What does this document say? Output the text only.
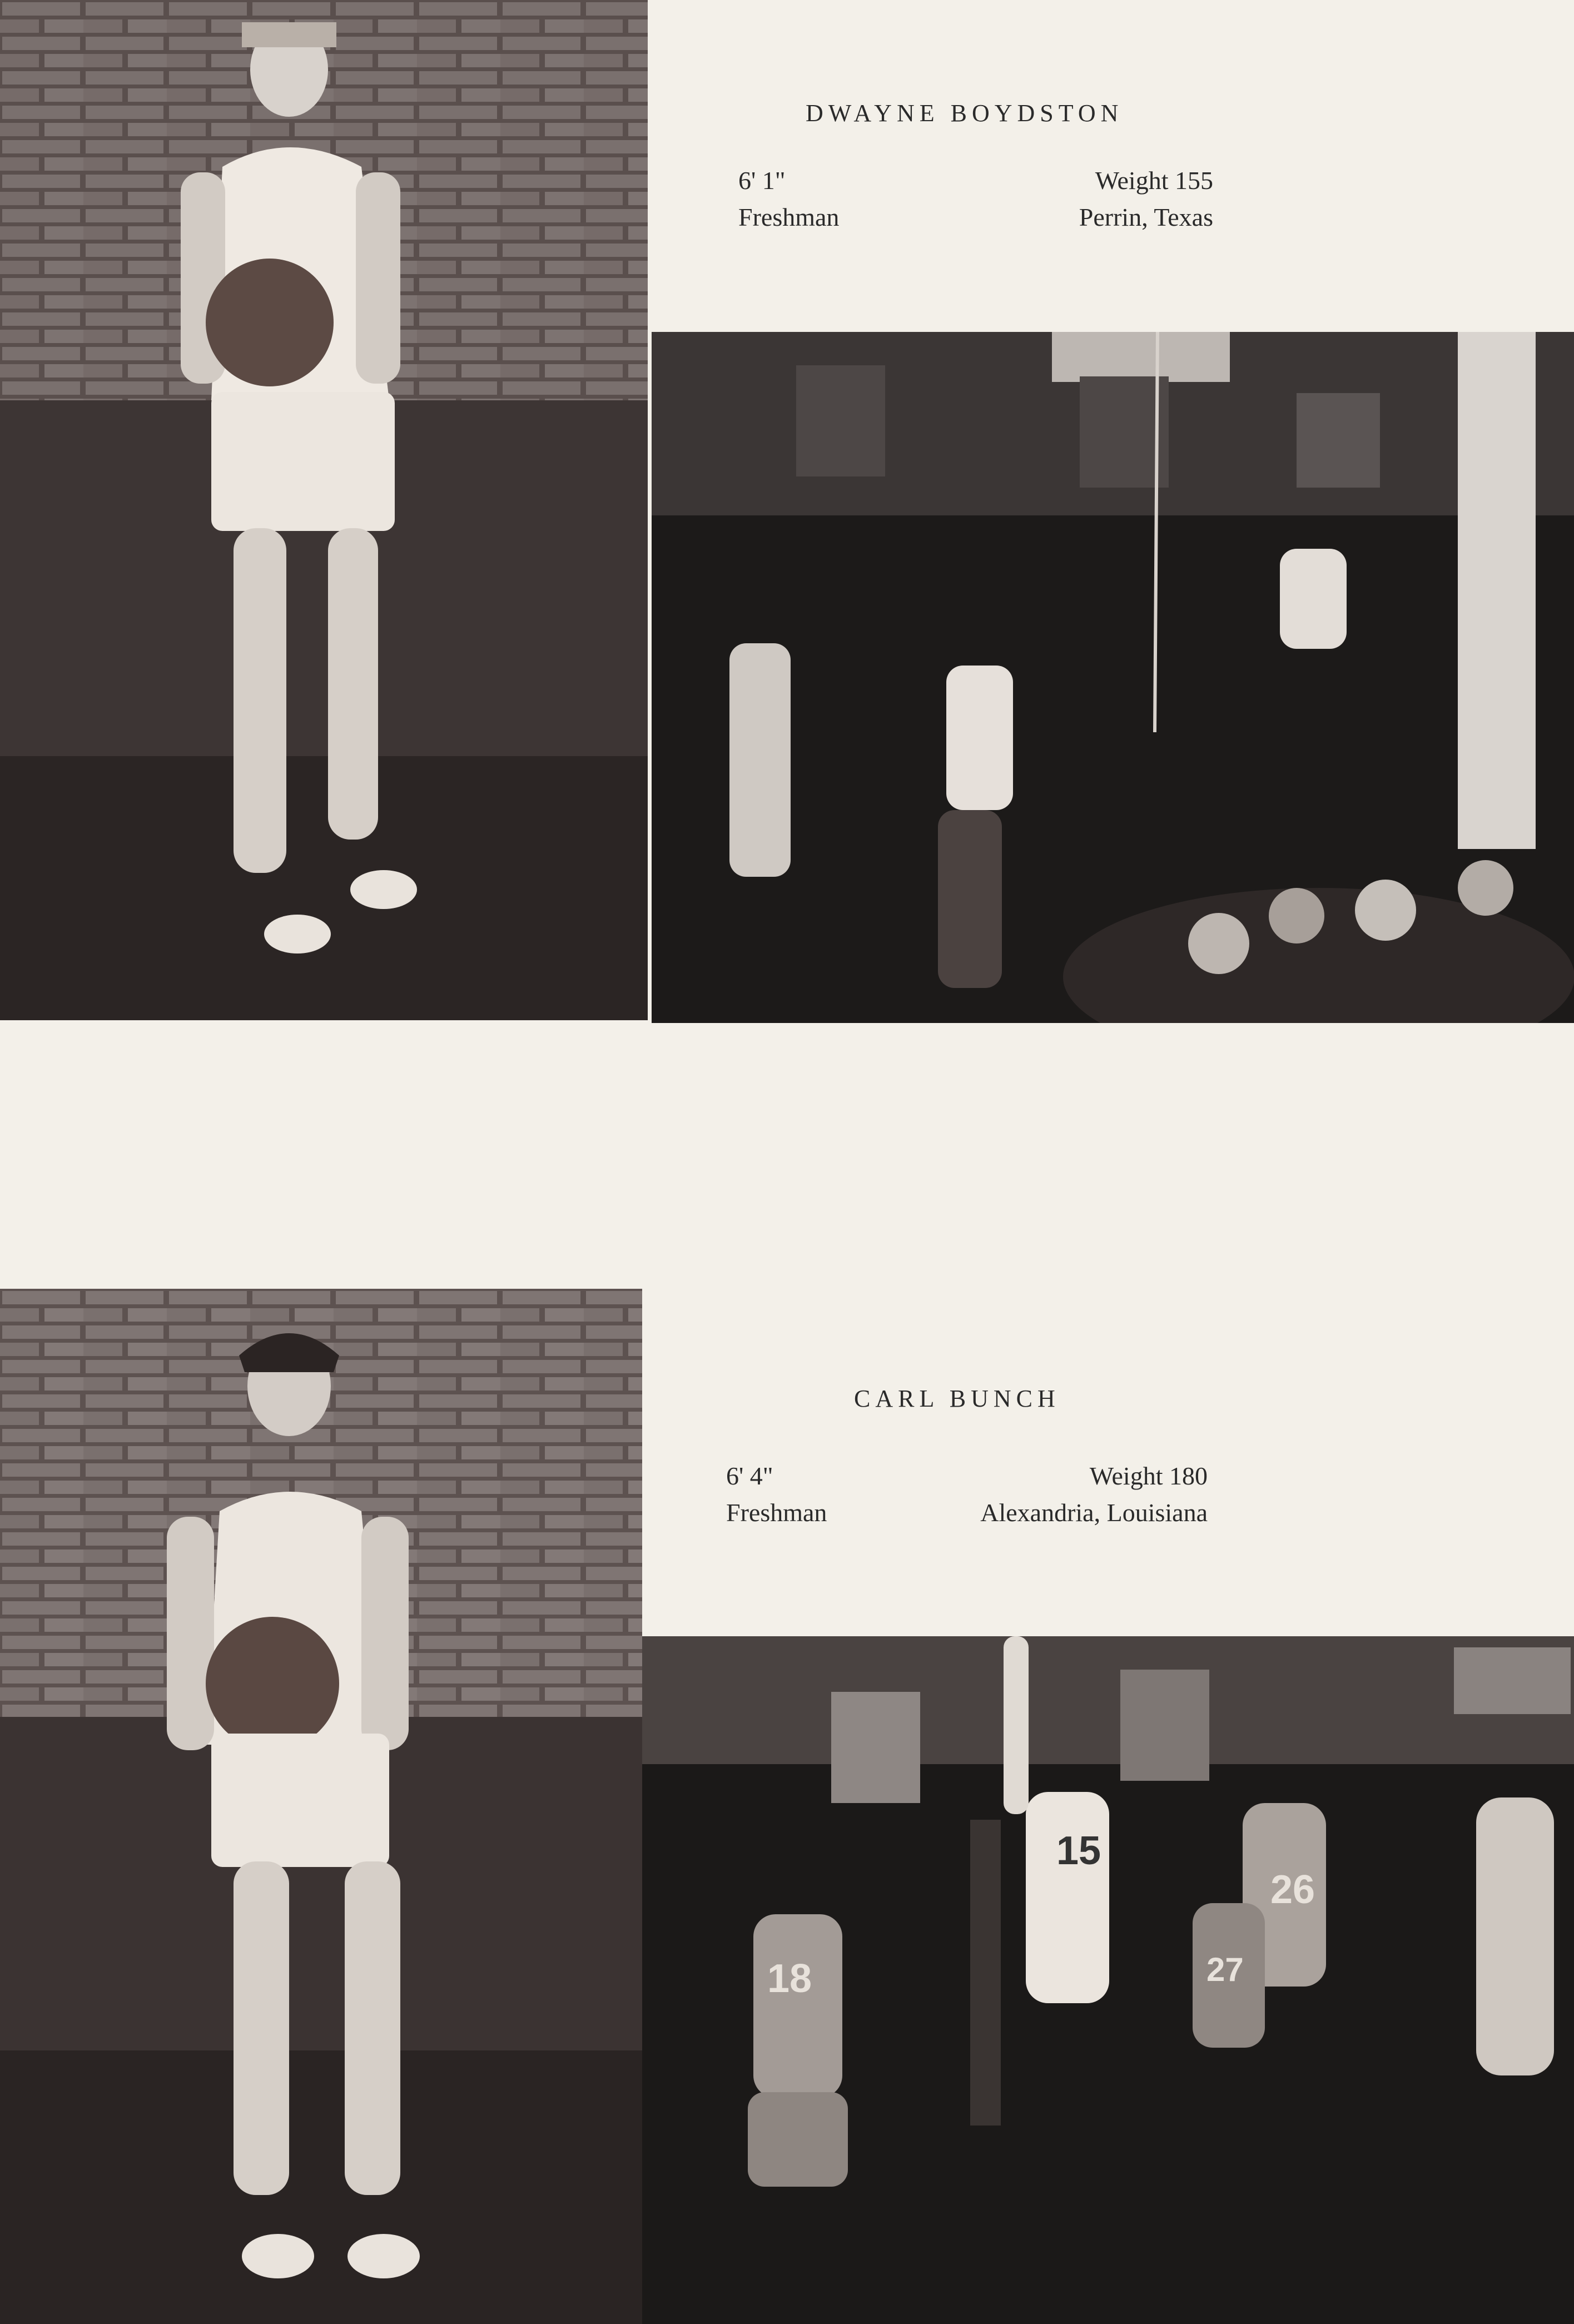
DWAYNE BOYDSTON
6' 1"
Freshman
Weight 155
Perrin, Texas
CARL BUNCH
6' 4"
Freshman
Weight 180
Alexandria, Louisiana
15
26
18	27
